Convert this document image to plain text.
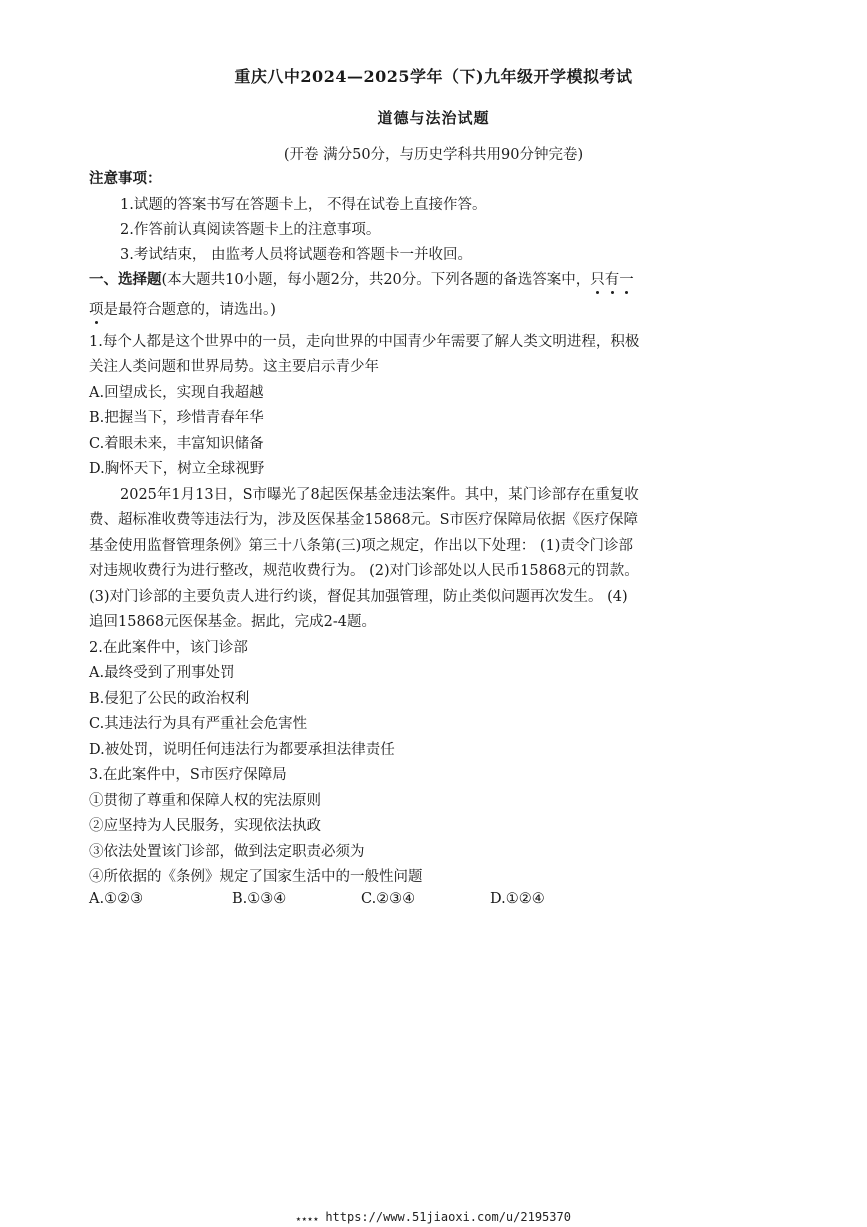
重庆八中2024—2025学年（下)九年级开学模拟考试
道德与法治试题
(开卷 满分50分，与历史学科共用90分钟完卷)
注意事项：
1.试题的答案书写在答题卡上， 不得在试卷上直接作答。
2.作答前认真阅读答题卡上的注意事项。
3.考试结束， 由监考人员将试题卷和答题卡一并收回。
一、选择题(本大题共10小题，每小题2分，共20分。下列各题的备选答案中，只有一
项是最符合题意的，请选出。)
1.每个人都是这个世界中的一员，走向世界的中国青少年需要了解人类文明进程，积极
关注人类问题和世界局势。这主要启示青少年
A.回望成长，实现自我超越
B.把握当下，珍惜青春年华
C.着眼未来，丰富知识储备
D.胸怀天下，树立全球视野
2025年1月13日，S市曝光了8起医保基金违法案件。其中，某门诊部存在重复收
费、超标准收费等违法行为，涉及医保基金15868元。S市医疗保障局依据《医疗保障
基金使用监督管理条例》第三十八条第(三)项之规定，作出以下处理： (1)责令门诊部
对违规收费行为进行整改，规范收费行为。 (2)对门诊部处以人民币15868元的罚款。
(3)对门诊部的主要负责人进行约谈，督促其加强管理，防止类似问题再次发生。 (4)
追回15868元医保基金。据此，完成2-4题。
2.在此案件中，该门诊部
A.最终受到了刑事处罚
B.侵犯了公民的政治权利
C.其违法行为具有严重社会危害性
D.被处罚，说明任何违法行为都要承担法律责任
3.在此案件中，S市医疗保障局
①贯彻了尊重和保障人权的宪法原则
②应坚持为人民服务，实现依法执政
③依法处置该门诊部，做到法定职责必须为
④所依据的《条例》规定了国家生活中的一般性问题
A.①②③	B.①③④	C.②③④	D.①②④
★★★★ https://www.51jiaoxi.com/u/2195370
